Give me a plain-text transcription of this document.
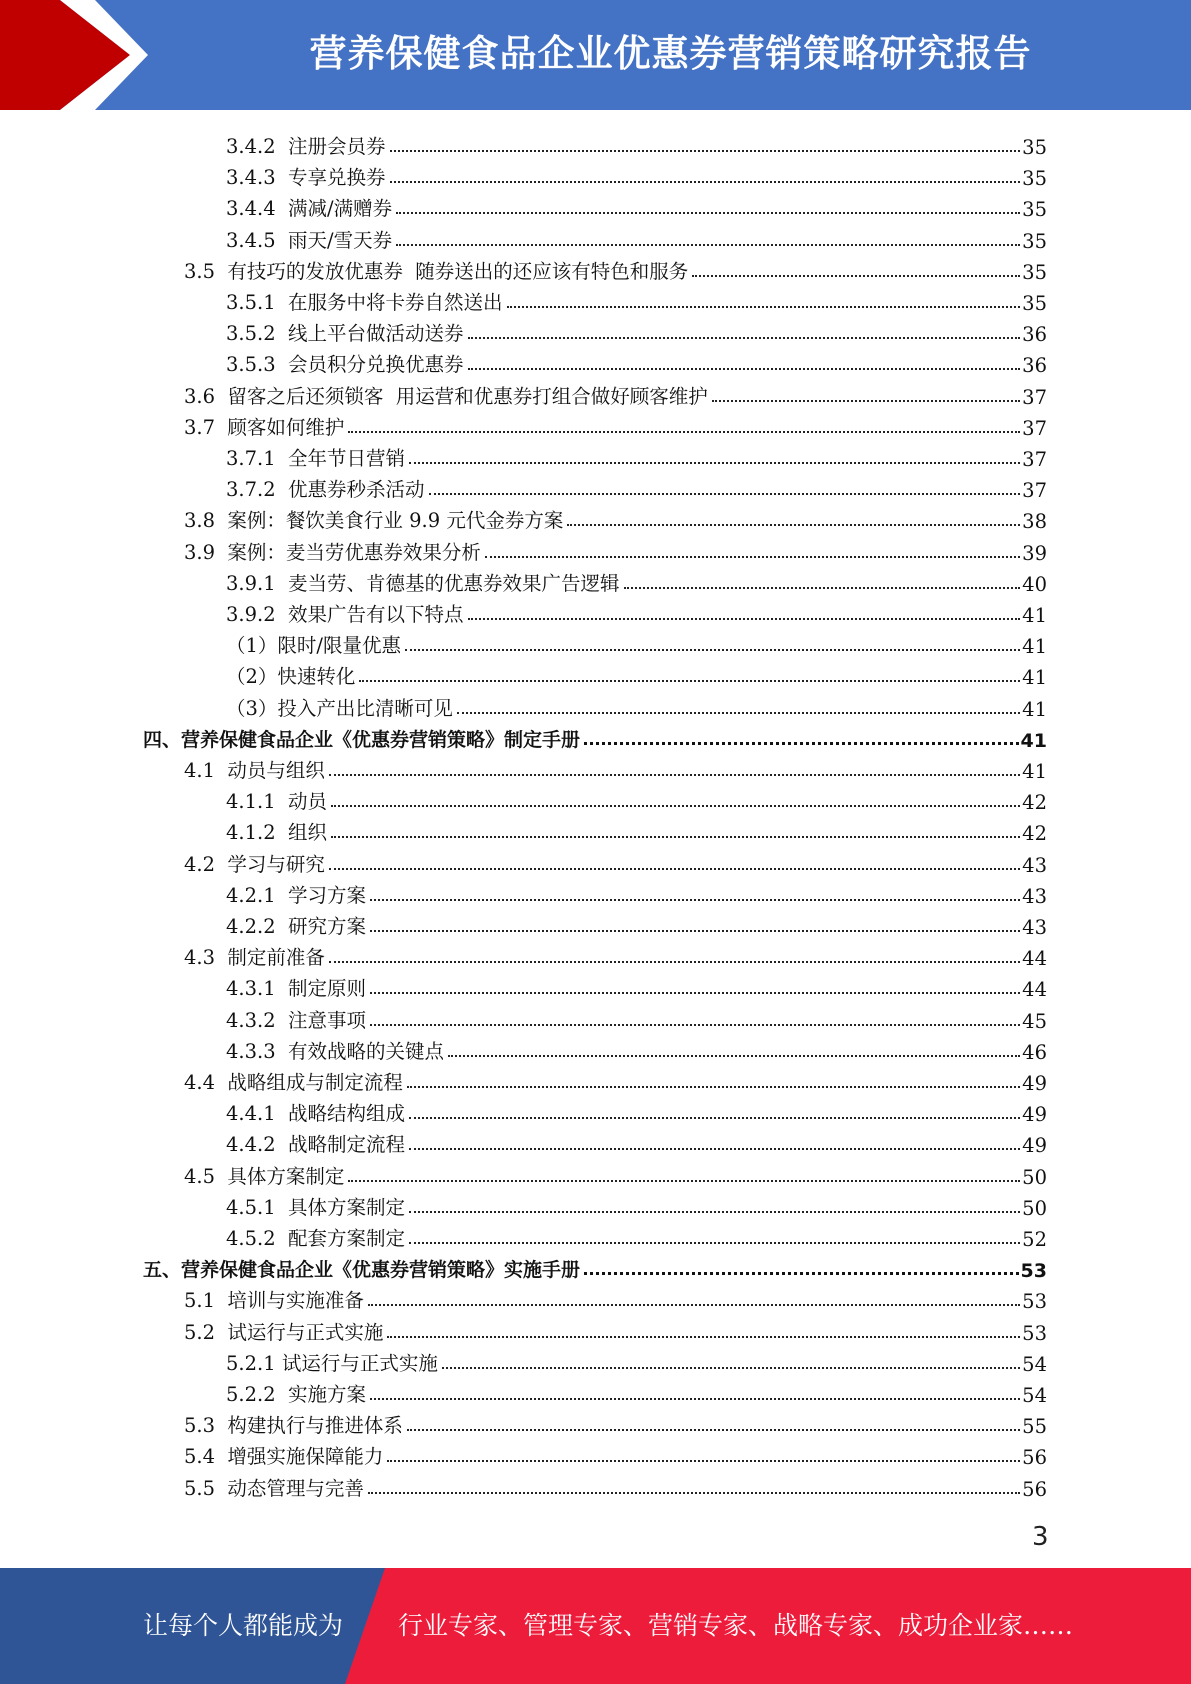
营养保健食品企业优惠券营销策略研究报告
3.4.2  注册会员券	35
3.4.3  专享兑换券	35
3.4.4  满减/满赠券	35
3.4.5  雨天/雪天券	35
3.5  有技巧的发放优惠券  随券送出的还应该有特色和服务	35
3.5.1  在服务中将卡券自然送出	35
3.5.2  线上平台做活动送券	36
3.5.3  会员积分兑换优惠券	36
3.6  留客之后还须锁客  用运营和优惠券打组合做好顾客维护	37
3.7  顾客如何维护	37
3.7.1  全年节日营销	37
3.7.2  优惠券秒杀活动	37
3.8  案例：餐饮美食行业 9.9 元代金券方案	38
3.9  案例：麦当劳优惠券效果分析	39
3.9.1  麦当劳、肯德基的优惠券效果广告逻辑	40
3.9.2  效果广告有以下特点	41
（1）限时/限量优惠	41
（2）快速转化	41
（3）投入产出比清晰可见	41
四、营养保健食品企业《优惠券营销策略》制定手册	41
4.1  动员与组织	41
4.1.1  动员	42
4.1.2  组织	42
4.2  学习与研究	43
4.2.1  学习方案	43
4.2.2  研究方案	43
4.3  制定前准备	44
4.3.1  制定原则	44
4.3.2  注意事项	45
4.3.3  有效战略的关键点	46
4.4  战略组成与制定流程	49
4.4.1  战略结构组成	49
4.4.2  战略制定流程	49
4.5  具体方案制定	50
4.5.1  具体方案制定	50
4.5.2  配套方案制定	52
五、营养保健食品企业《优惠券营销策略》实施手册	53
5.1  培训与实施准备	53
5.2  试运行与正式实施	53
5.2.1 试运行与正式实施	54
5.2.2  实施方案	54
5.3  构建执行与推进体系	55
5.4  增强实施保障能力	56
5.5  动态管理与完善	56
3
让每个人都能成为 行业专家、管理专家、营销专家、战略专家、成功企业家……
